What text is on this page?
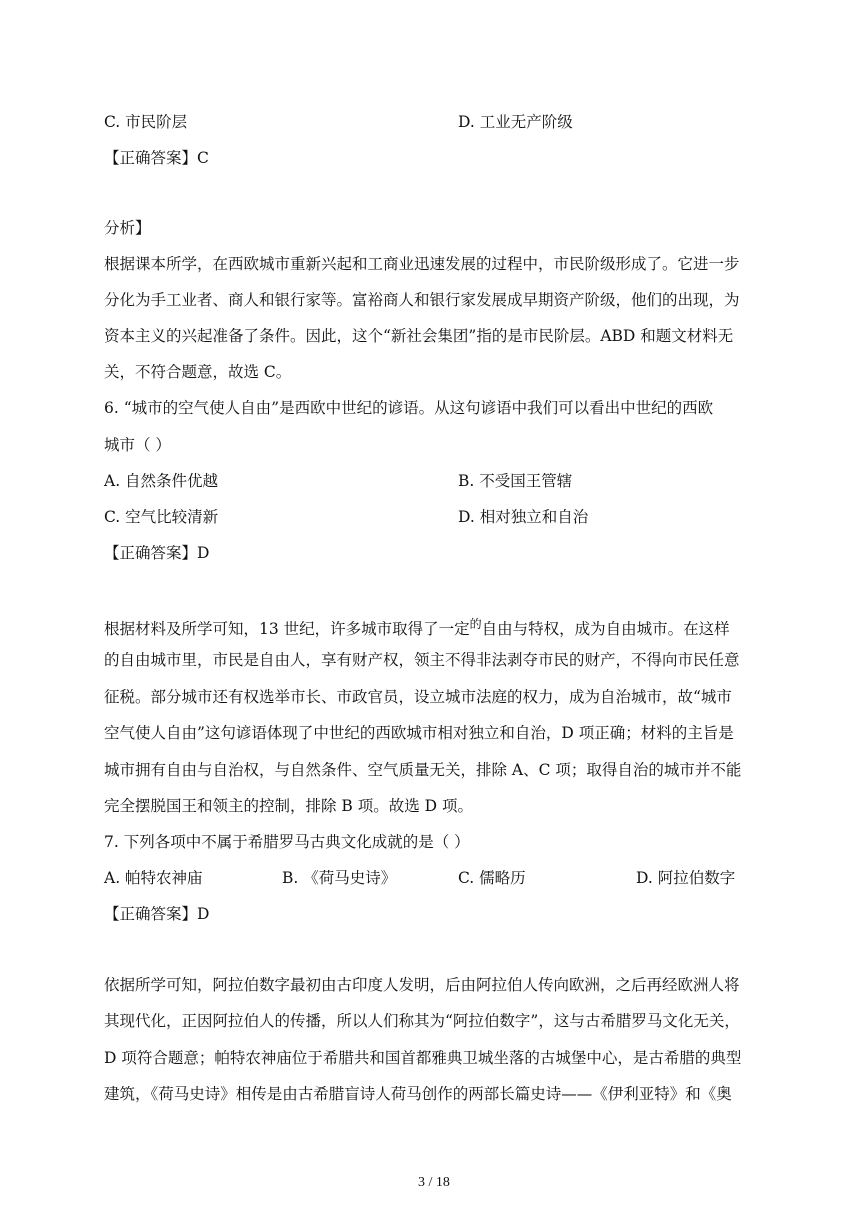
C. 市民阶层	D. 工业无产阶级
【正确答案】C
分析】
根据课本所学，在西欧城市重新兴起和工商业迅速发展的过程中，市民阶级形成了。它进一步
分化为手工业者、商人和银行家等。富裕商人和银行家发展成早期资产阶级，他们的出现，为
资本主义的兴起准备了条件。因此，这个“新社会集团”指的是市民阶层。ABD 和题文材料无
关，不符合题意，故选 C。
6. “城市的空气使人自由”是西欧中世纪的谚语。从这句谚语中我们可以看出中世纪的西欧
城市（ ）
A. 自然条件优越	B. 不受国王管辖
C. 空气比较清新	D. 相对独立和自治
【正确答案】D
根据材料及所学可知，13 世纪，许多城市取得了一定$^的$自由与特权，成为自由城市。在这样
的自由城市里，市民是自由人，享有财产权，领主不得非法剥夺市民的财产，不得向市民任意
征税。部分城市还有权选举市长、市政官员，设立城市法庭的权力，成为自治城市，故“城市
空气使人自由”这句谚语体现了中世纪的西欧城市相对独立和自治，D 项正确；材料的主旨是
城市拥有自由与自治权，与自然条件、空气质量无关，排除 A、C 项；取得自治的城市并不能
完全摆脱国王和领主的控制，排除 B 项。故选 D 项。
7. 下列各项中不属于希腊罗马古典文化成就的是（ ）
A. 帕特农神庙	B. 《荷马史诗》	C. 儒略历	D. 阿拉伯数字
【正确答案】D
依据所学可知，阿拉伯数字最初由古印度人发明，后由阿拉伯人传向欧洲，之后再经欧洲人将
其现代化，正因阿拉伯人的传播，所以人们称其为“阿拉伯数字”，这与古希腊罗马文化无关，
D 项符合题意；帕特农神庙位于希腊共和国首都雅典卫城坐落的古城堡中心，是古希腊的典型
建筑，《荷马史诗》相传是由古希腊盲诗人荷马创作的两部长篇史诗——《伊利亚特》和《奥
3 / 18
